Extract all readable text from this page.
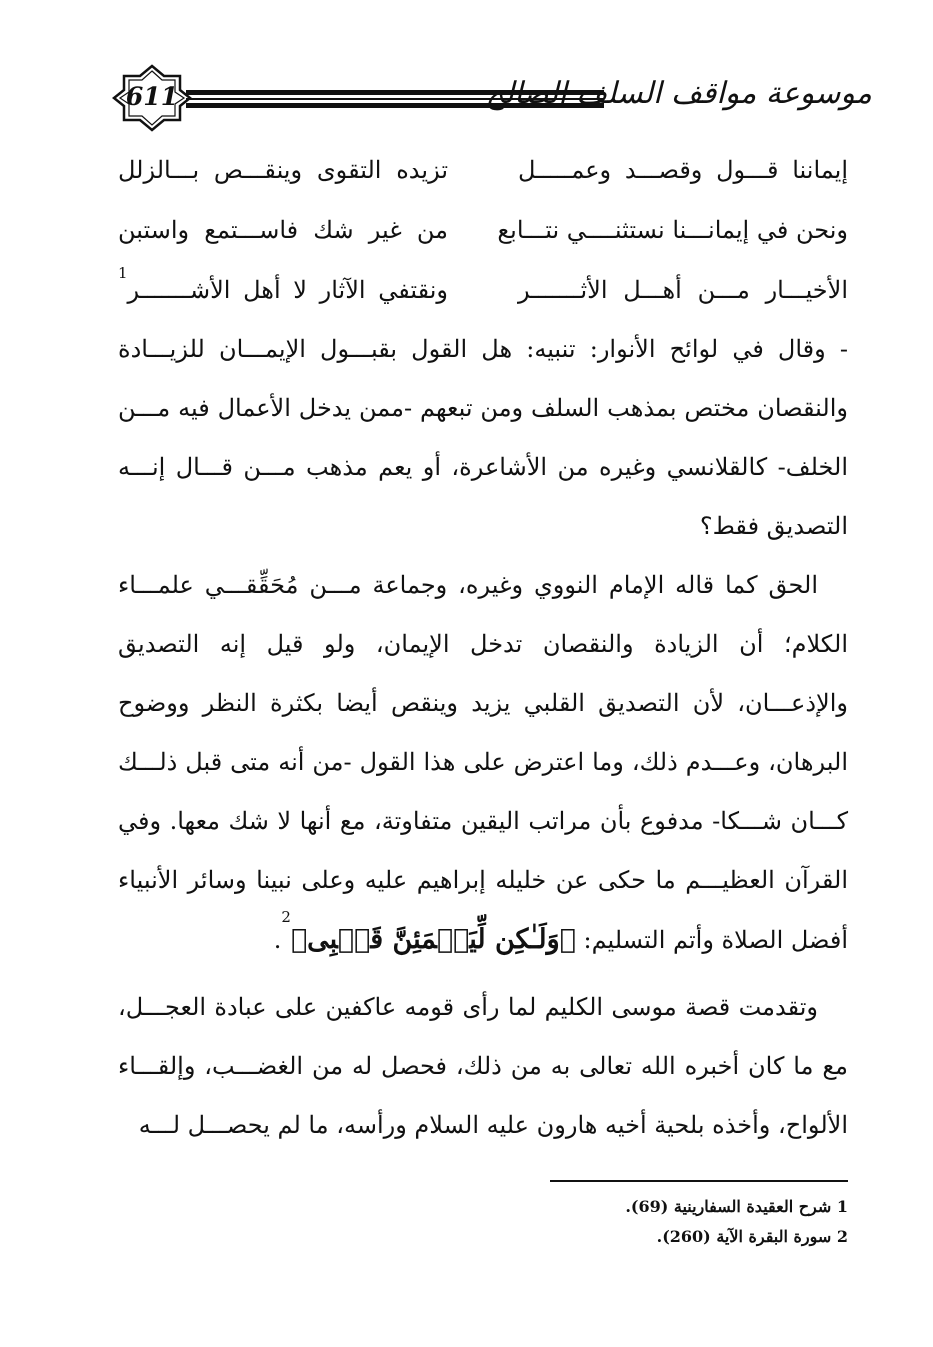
611	موسوعة مواقف السلف الصالح
إيماننا قـــول وقصـــد وعمـــــل
تزيده التقوى وينقـــص بـــالزلل
ونحن في إيمانـــنا نستثنــــي نتـــابع
من غير شك فاســـتمع واستبن
الأخيـــار مـــن أهـــل الأثـــــــر
ونقتفي الآثار لا أهل الأشـــــــر$^1$

- وقال في لوائح الأنوار: تنبيه: هل القول بقبـــول الإيمـــان للزيـــادة والنقصان مختص بمذهب السلف ومن تبعهم -ممن يدخل الأعمال فيه مـــن الخلف- كالقلانسي وغيره من الأشاعرة، أو يعم مذهب مـــن قـــال إنـــه التصديق فقط؟

الحق كما قاله الإمام النووي وغيره، وجماعة مـــن مُحَقِّقـــي علمـــاء الكلام؛ أن الزيادة والنقصان تدخل الإيمان، ولو قيل إنه التصديق والإذعـــان، لأن التصديق القلبي يزيد وينقص أيضا بكثرة النظر ووضوح البرهان، وعـــدم ذلك، وما اعترض على هذا القول -من أنه متى قبل ذلـــك كـــان شـــكا- مدفوع بأن مراتب اليقين متفاوتة، مع أنها لا شك معها. وفي القرآن العظيـــم ما حكى عن خليله إبراهيم عليه وعلى نبينا وسائر الأنبياء أفضل الصلاة وأتم التسليم: ﴿وَلَـٰكِن لِّيَطۡمَئِنَّ قَلۡبِى﴾$^2$.

وتقدمت قصة موسى الكليم لما رأى قومه عاكفين على عبادة العجـــل، مع ما كان أخبره الله تعالى به من ذلك، فحصل له من الغضـــب، وإلقـــاء الألواح، وأخذه بلحية أخيه هارون عليه السلام ورأسه، ما لم يحصـــل لـــه

1 شرح العقيدة السفارينية (69).
2 سورة البقرة الآية (260).
